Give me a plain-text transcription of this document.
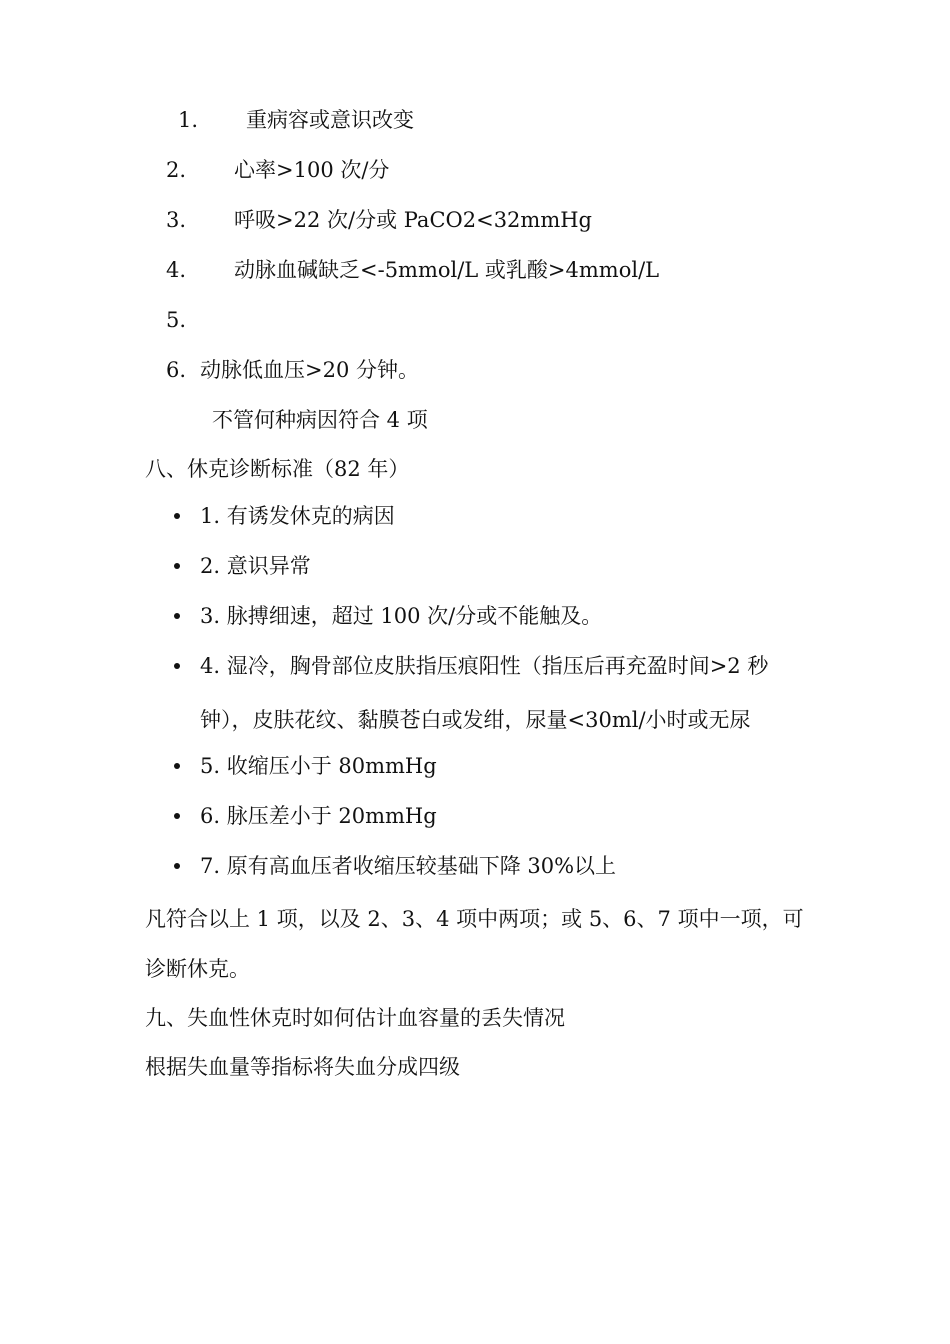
1. 重病容或意识改变
2. 心率>100 次/分
3. 呼吸>22 次/分或 PaCO2<32mmHg
4. 动脉血碱缺乏<-5mmol/L 或乳酸>4mmol/L
5.
6. 动脉低血压>20 分钟。
不管何种病因符合 4 项
八、休克诊断标准（82 年）
1. 有诱发休克的病因
2. 意识异常
3. 脉搏细速，超过 100 次/分或不能触及。
4. 湿冷，胸骨部位皮肤指压痕阳性（指压后再充盈时间>2 秒
钟），皮肤花纹、黏膜苍白或发绀，尿量<30ml/小时或无尿
5. 收缩压小于 80mmHg
6. 脉压差小于 20mmHg
7. 原有高血压者收缩压较基础下降 30%以上
凡符合以上 1 项，以及 2、3、4 项中两项；或 5、6、7 项中一项，可
诊断休克。
九、失血性休克时如何估计血容量的丢失情况
根据失血量等指标将失血分成四级
